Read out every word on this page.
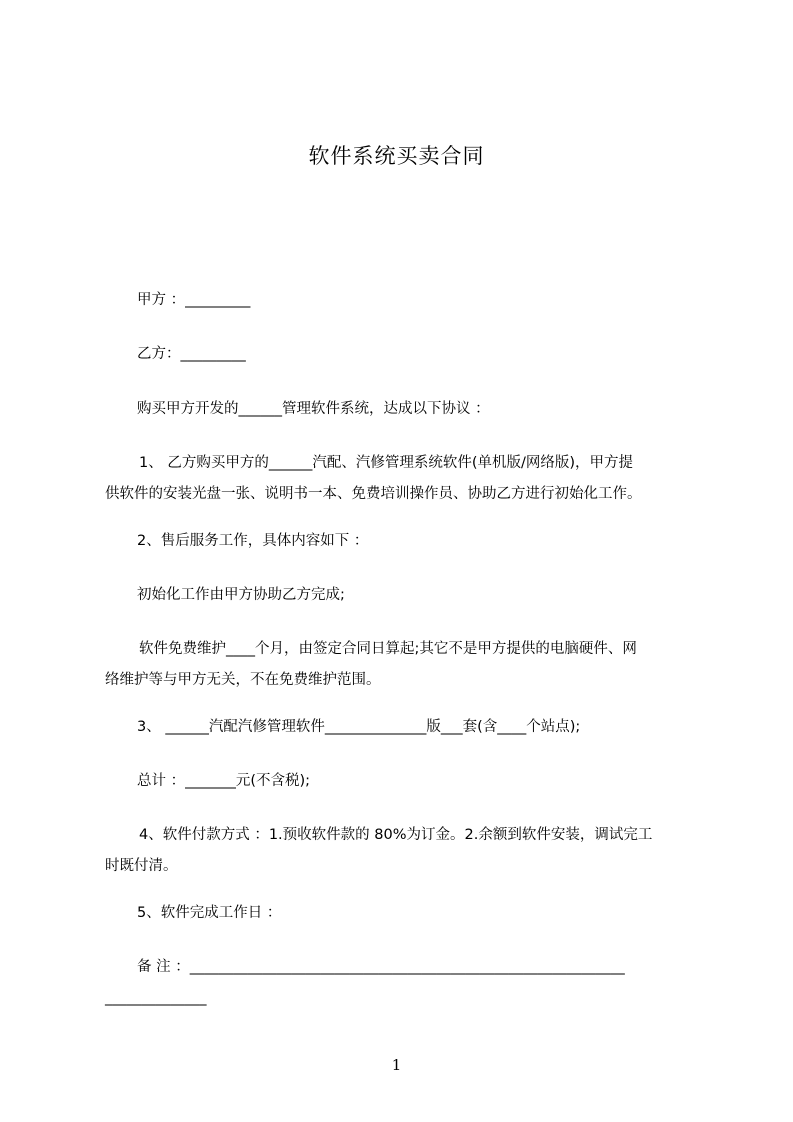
软件系统买卖合同
甲方 ：_________
乙方：_________
购买甲方开发的______管理软件系统，达成以下协议 ：
1、 乙方购买甲方的______汽配、汽修管理系统软件(单机版/网络版)，甲方提
供软件的安装光盘一张、说明书一本、免费培训操作员、协助乙方进行初始化工作。
2、售后服务工作，具体内容如下 ：
初始化工作由甲方协助乙方完成;
软件免费维护____个月，由签定合同日算起;其它不是甲方提供的电脑硬件、网
络维护等与甲方无关，不在免费维护范围。
3、 ______汽配汽修管理软件______________版___套(含____个站点);
总计 ：_______元(不含税);
4、软件付款方式 ：1.预收软件款的 80%为订金。2.余额到软件安装，调试完工
时既付清。
5、软件完成工作日 ：
备 注 ：____________________________________________________________
______________
1
